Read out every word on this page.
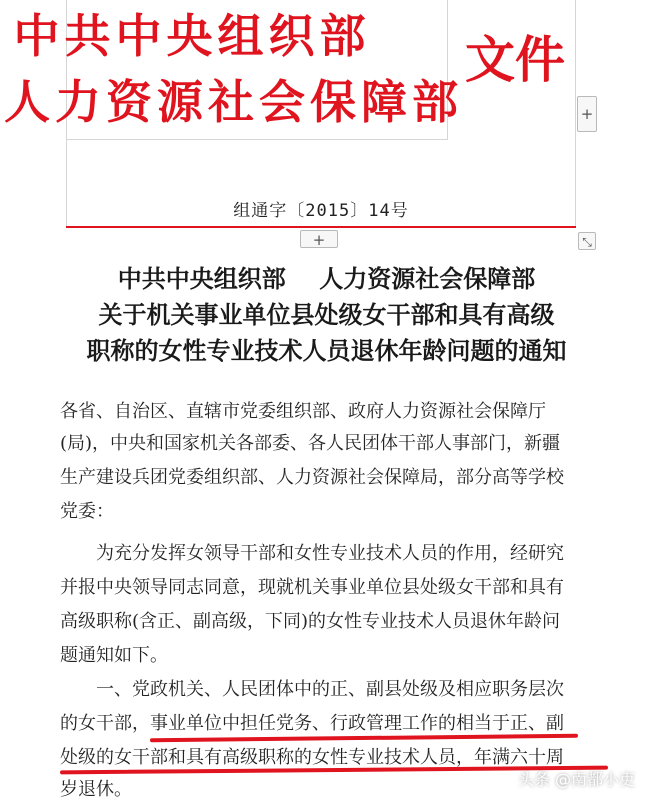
中共中央组织部
人力资源社会保障部
文件
组通字〔2015〕14号
+
+	⤡
中共中央组织部    人力资源社会保障部
关于机关事业单位县处级女干部和具有高级
职称的女性专业技术人员退休年龄问题的通知
各省、自治区、直辖市党委组织部、政府人力资源社会保障厅
(局)，中央和国家机关各部委、各人民团体干部人事部门，新疆
生产建设兵团党委组织部、人力资源社会保障局，部分高等学校
党委：
为充分发挥女领导干部和女性专业技术人员的作用，经研究
并报中央领导同志同意，现就机关事业单位县处级女干部和具有
高级职称(含正、副高级，下同)的女性专业技术人员退休年龄问
题通知如下。
一、党政机关、人民团体中的正、副县处级及相应职务层次
的女干部，事业单位中担任党务、行政管理工作的相当于正、副
处级的女干部和具有高级职称的女性专业技术人员，年满六十周
岁退休。	头条 @南都小吏
